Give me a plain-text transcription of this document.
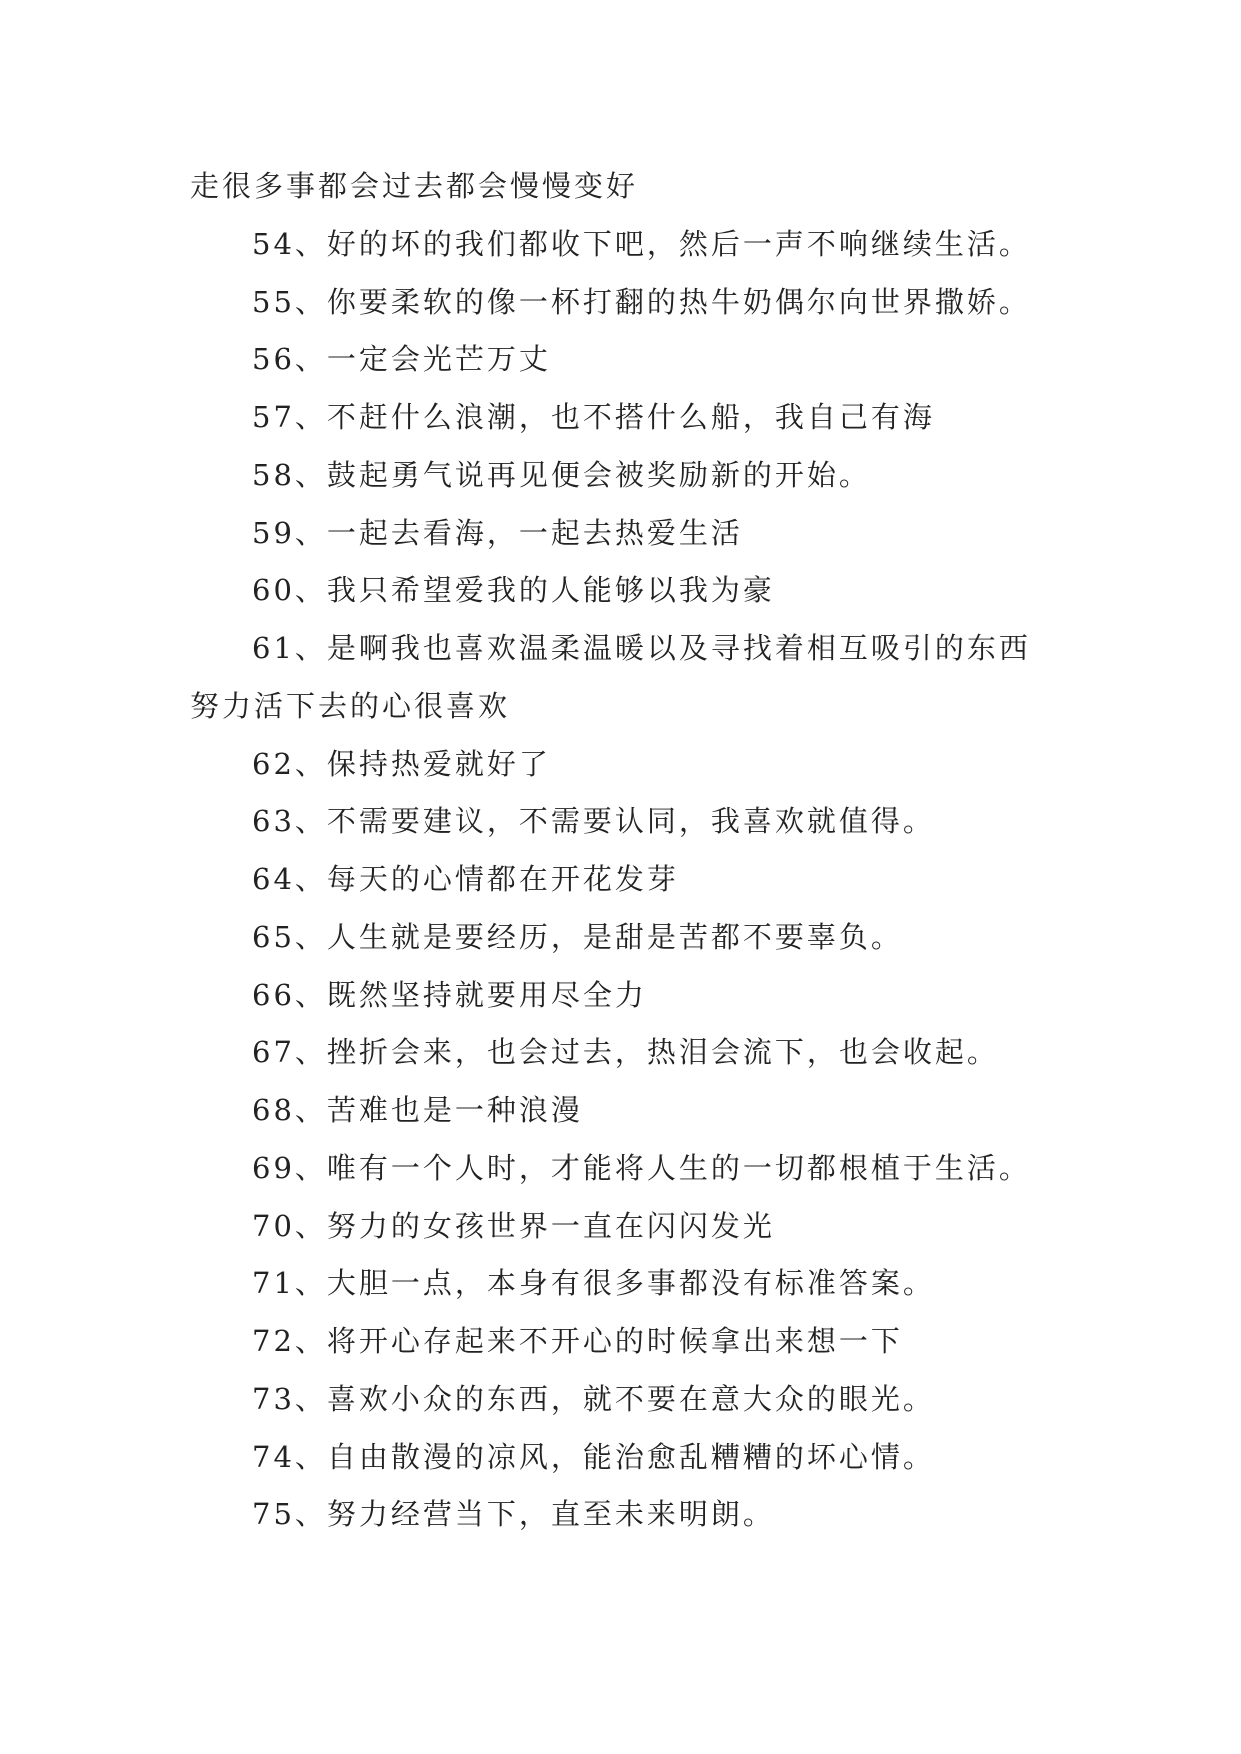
走很多事都会过去都会慢慢变好
54、好的坏的我们都收下吧，然后一声不响继续生活。
55、你要柔软的像一杯打翻的热牛奶偶尔向世界撒娇。
56、一定会光芒万丈
57、不赶什么浪潮，也不搭什么船，我自己有海
58、鼓起勇气说再见便会被奖励新的开始。
59、一起去看海，一起去热爱生活
60、我只希望爱我的人能够以我为豪
61、是啊我也喜欢温柔温暖以及寻找着相互吸引的东西
努力活下去的心很喜欢
62、保持热爱就好了
63、不需要建议，不需要认同，我喜欢就值得。
64、每天的心情都在开花发芽
65、人生就是要经历，是甜是苦都不要辜负。
66、既然坚持就要用尽全力
67、挫折会来，也会过去，热泪会流下，也会收起。
68、苦难也是一种浪漫
69、唯有一个人时，才能将人生的一切都根植于生活。
70、努力的女孩世界一直在闪闪发光
71、大胆一点，本身有很多事都没有标准答案。
72、将开心存起来不开心的时候拿出来想一下
73、喜欢小众的东西，就不要在意大众的眼光。
74、自由散漫的凉风，能治愈乱糟糟的坏心情。
75、努力经营当下，直至未来明朗。
